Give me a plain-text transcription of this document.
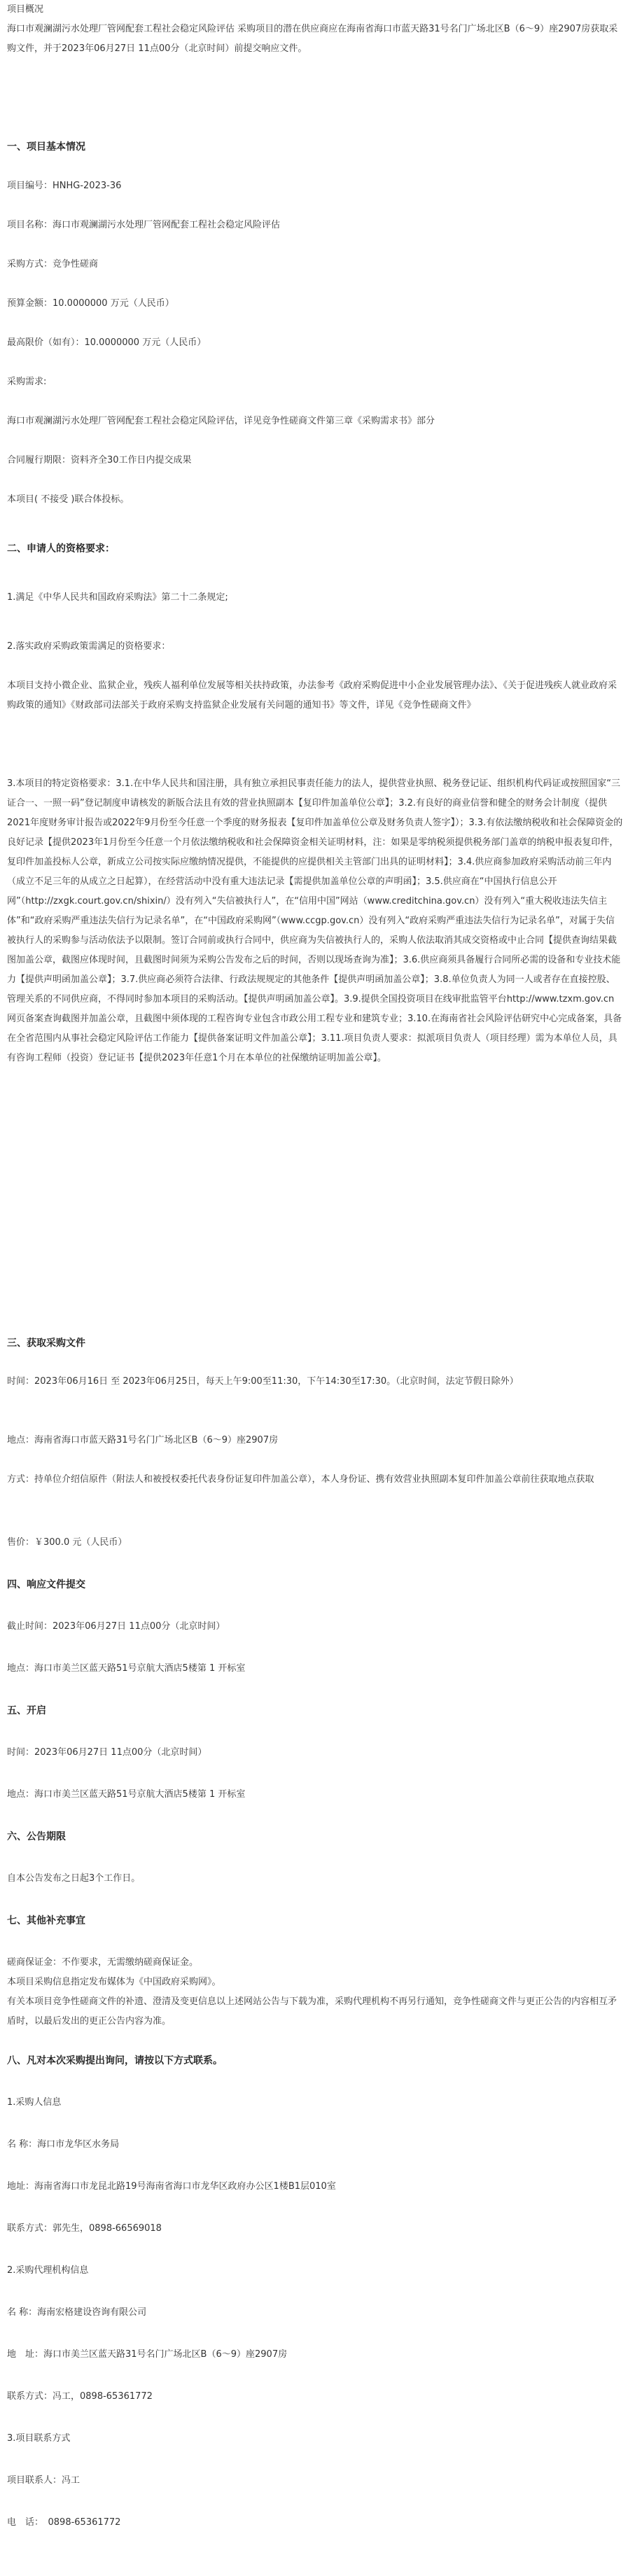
项目概况

海口市观澜湖污水处理厂管网配套工程社会稳定风险评估 采购项目的潜在供应商应在海南省海口市蓝天路31号名门广场北区B（6～9）座2907房获取采购文件，并于2023年06月27日 11点00分（北京时间）前提交响应文件。

一、项目基本情况

项目编号：HNHG-2023-36

项目名称：海口市观澜湖污水处理厂管网配套工程社会稳定风险评估

采购方式：竞争性磋商

预算金额：10.0000000 万元（人民币）

最高限价（如有）：10.0000000 万元（人民币）

采购需求:

海口市观澜湖污水处理厂管网配套工程社会稳定风险评估，详见竞争性磋商文件第三章《采购需求书》部分

合同履行期限：资料齐全30工作日内提交成果

本项目( 不接受 )联合体投标。

二、申请人的资格要求：

1.满足《中华人民共和国政府采购法》第二十二条规定;

2.落实政府采购政策需满足的资格要求：

本项目支持小微企业、监狱企业，残疾人福利单位发展等相关扶持政策，办法参考《政府采购促进中小企业发展管理办法》、《关于促进残疾人就业政府采购政策的通知》《财政部司法部关于政府采购支持监狱企业发展有关问题的通知书》等文件，详见《竞争性磋商文件》

3.本项目的特定资格要求：3.1.在中华人民共和国注册，具有独立承担民事责任能力的法人，提供营业执照、税务登记证、组织机构代码证或按照国家“三证合一、一照一码”登记制度申请核发的新版合法且有效的营业执照副本【复印件加盖单位公章】；3.2.有良好的商业信誉和健全的财务会计制度（提供2021年度财务审计报告或2022年9月份至今任意一个季度的财务报表【复印件加盖单位公章及财务负责人签字】）；3.3.有依法缴纳税收和社会保障资金的良好记录【提供2023年1月份至今任意一个月依法缴纳税收和社会保障资金相关证明材料，注：如果是零纳税须提供税务部门盖章的纳税申报表复印件，复印件加盖投标人公章，新成立公司按实际应缴纳情况提供，不能提供的应提供相关主管部门出具的证明材料】；3.4.供应商参加政府采购活动前三年内（成立不足三年的从成立之日起算），在经营活动中没有重大违法记录【需提供加盖单位公章的声明函】；3.5.供应商在“中国执行信息公开网”（http://zxgk.court.gov.cn/shixin/）没有列入“失信被执行人”，在“信用中国”网站（www.creditchina.gov.cn）没有列入“重大税收违法失信主体”和“政府采购严重违法失信行为记录名单”，在“中国政府采购网”（www.ccgp.gov.cn）没有列入“政府采购严重违法失信行为记录名单”，对属于失信被执行人的采购参与活动依法予以限制。签订合同前或执行合同中，供应商为失信被执行人的，采购人依法取消其成交资格或中止合同【提供查询结果截图加盖公章，截图应体现时间，且截图时间须为采购公告发布之后的时间，否则以现场查询为准】；3.6.供应商须具备履行合同所必需的设备和专业技术能力【提供声明函加盖公章】；3.7.供应商必须符合法律、行政法规规定的其他条件【提供声明函加盖公章】；3.8.单位负责人为同一人或者存在直接控股、管理关系的不同供应商，不得同时参加本项目的采购活动。【提供声明函加盖公章】。3.9.提供全国投资项目在线审批监管平台http://www.tzxm.gov.cn网页备案查询截图并加盖公章，且截图中须体现的工程咨询专业包含市政公用工程专业和建筑专业；3.10.在海南省社会风险评估研究中心完成备案，具备在全省范围内从事社会稳定风险评估工作能力【提供备案证明文件加盖公章】；3.11.项目负责人要求：拟派项目负责人（项目经理）需为本单位人员，具有咨询工程师（投资）登记证书【提供2023年任意1个月在本单位的社保缴纳证明加盖公章】。

三、获取采购文件

时间：2023年06月16日 至 2023年06月25日，每天上午9:00至11:30，下午14:30至17:30。（北京时间，法定节假日除外）

地点：海南省海口市蓝天路31号名门广场北区B（6～9）座2907房

方式：持单位介绍信原件（附法人和被授权委托代表身份证复印件加盖公章），本人身份证、携有效营业执照副本复印件加盖公章前往获取地点获取

售价：￥300.0 元（人民币）

四、响应文件提交

截止时间：2023年06月27日 11点00分（北京时间）

地点：海口市美兰区蓝天路51号京航大酒店5楼第 1 开标室

五、开启

时间：2023年06月27日 11点00分（北京时间）

地点：海口市美兰区蓝天路51号京航大酒店5楼第 1 开标室

六、公告期限

自本公告发布之日起3个工作日。

七、其他补充事宜

磋商保证金：不作要求，无需缴纳磋商保证金。

本项目采购信息指定发布媒体为《中国政府采购网》。

有关本项目竞争性磋商文件的补遗、澄清及变更信息以上述网站公告与下载为准，采购代理机构不再另行通知，竞争性磋商文件与更正公告的内容相互矛盾时，以最后发出的更正公告内容为准。

八、凡对本次采购提出询问，请按以下方式联系。

1.采购人信息

名 称：海口市龙华区水务局

地址：海南省海口市龙昆北路19号海南省海口市龙华区政府办公区1楼B1层010室

联系方式：郭先生，0898-66569018

2.采购代理机构信息

名 称：海南宏格建设咨询有限公司

地　址：海口市美兰区蓝天路31号名门广场北区B（6～9）座2907房

联系方式：冯工，0898-65361772

3.项目联系方式

项目联系人：冯工

电　话：　0898-65361772
